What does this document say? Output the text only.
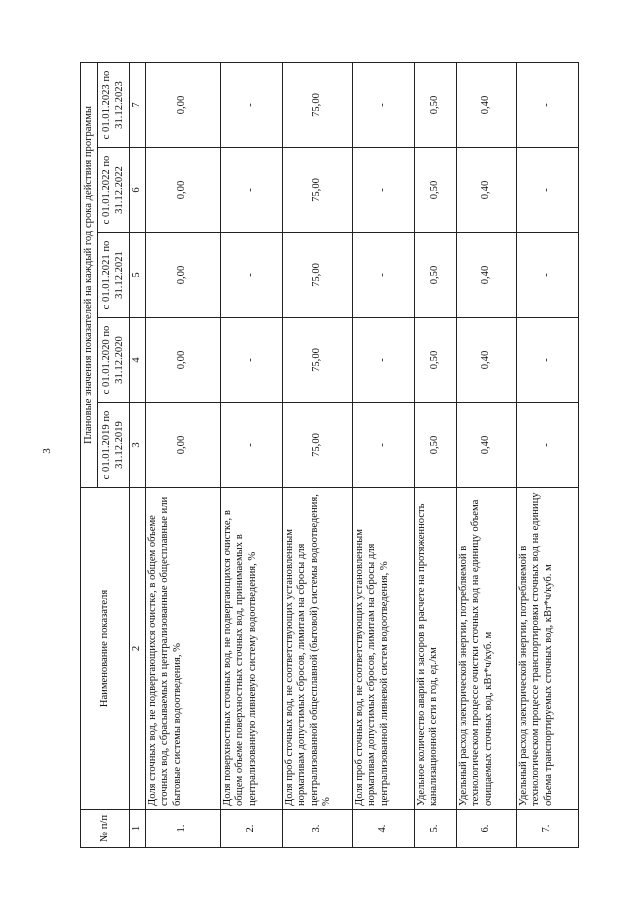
3
№ п/п	Наименование показателя	Плановые значения показателей на каждый год срока действия программы				
		с 01.01.2019 по 31.12.2019	с 01.01.2020 по 31.12.2020	с 01.01.2021 по 31.12.2021	с 01.01.2022 по 31.12.2022	с 01.01.2023 по 31.12.2023
1	2	3	4	5	6	7
1.	Доля сточных вод, не подвергающихся очистке, в общем объеме сточных вод, сбрасываемых в централизованные общесплавные или бытовые системы водоотведения, %	0,00	0,00	0,00	0,00	0,00
2.	Доля поверхностных сточных вод, не подвергающихся очистке, в общем объеме поверхностных сточных вод, принимаемых в централизованную ливневую систему водоотведения, %	-	-	-	-	-
3.	Доля проб сточных вод, не соответствующих установленным нормативам допустимых сбросов, лимитам на сбросы для централизованной общесплавной (бытовой) системы водоотведения, %	75,00	75,00	75,00	75,00	75,00
4.	Доля проб сточных вод, не соответствующих установленным нормативам допустимых сбросов, лимитам на сбросы для централизованной ливневой систем водоотведения, %	-	-	-	-	-
5.	Удельное количество аварий и засоров в расчете на протяженность канализационной сети в год, ед./км	0,50	0,50	0,50	0,50	0,50
6.	Удельный расход электрической энергии, потребляемой в технологическом процессе очистки сточных вод на единицу объема очищаемых сточных вод, кВт*ч/куб. м	0,40	0,40	0,40	0,40	0,40
7.	Удельный расход электрической энергии, потребляемой в технологическом процессе транспортировки сточных вод на единицу объема транспортируемых сточных вод, кВт*ч/куб. м	-	-	-	-	-
